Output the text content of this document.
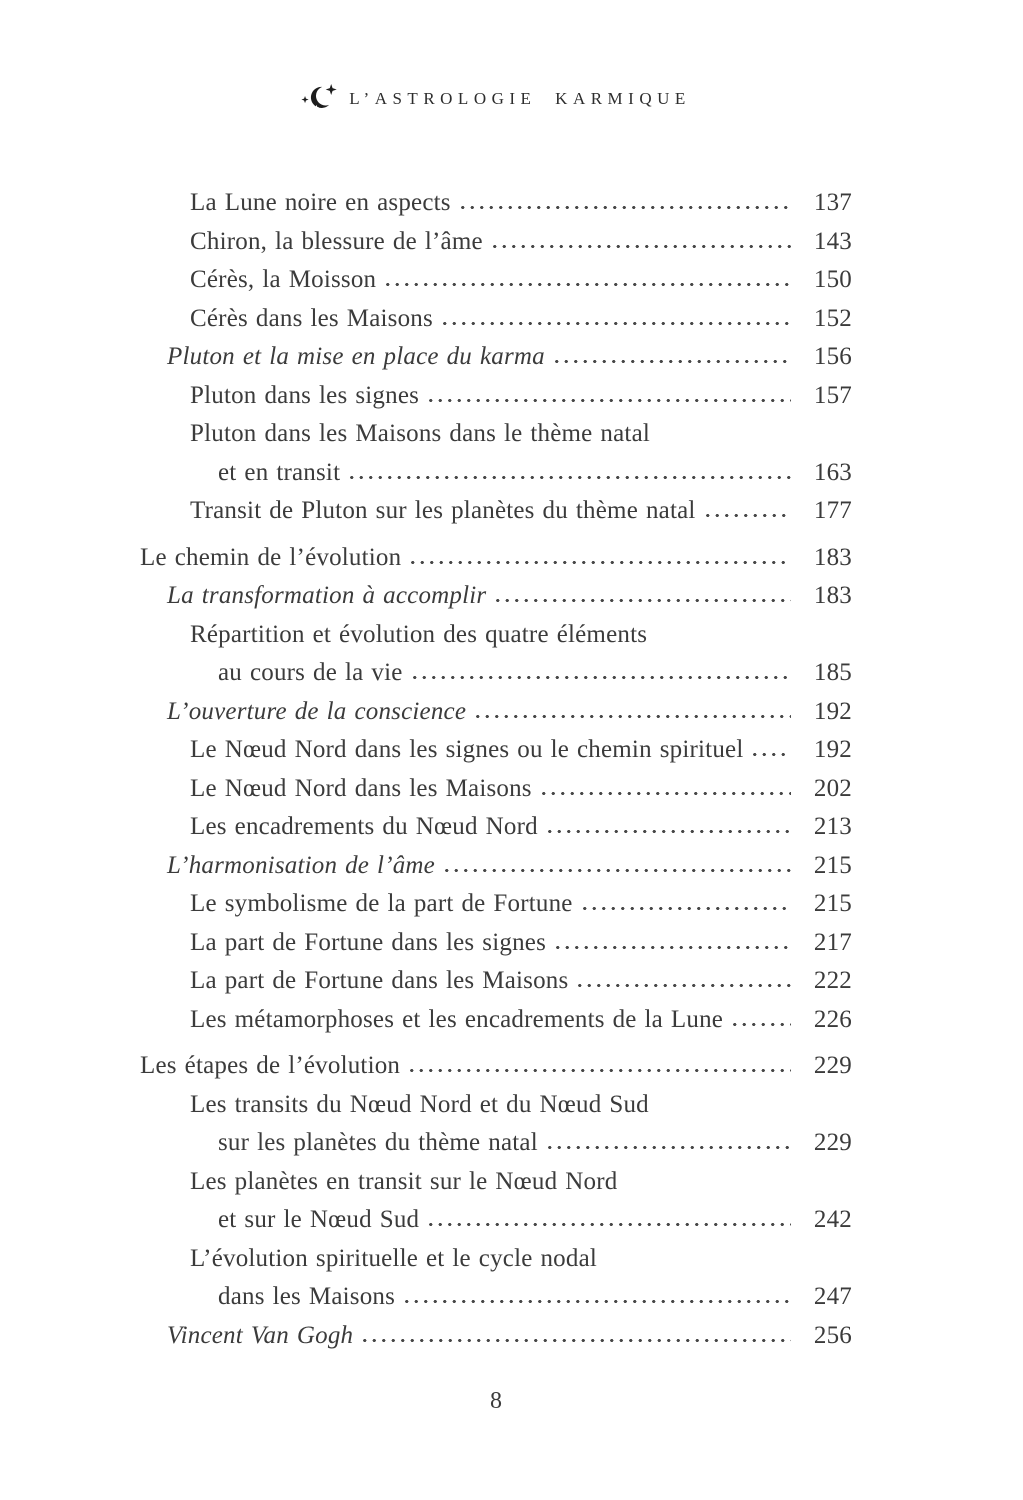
L’ASTROLOGIE KARMIQUE
La Lune noire en aspects	137
Chiron, la blessure de l’âme	143
Cérès, la Moisson	150
Cérès dans les Maisons	152
Pluton et la mise en place du karma	156
Pluton dans les signes	157
Pluton dans les Maisons dans le thème natal
et en transit	163
Transit de Pluton sur les planètes du thème natal	177
Le chemin de l’évolution	183
La transformation à accomplir	183
Répartition et évolution des quatre éléments
au cours de la vie	185
L’ouverture de la conscience	192
Le Nœud Nord dans les signes ou le chemin spirituel	192
Le Nœud Nord dans les Maisons	202
Les encadrements du Nœud Nord	213
L’harmonisation de l’âme	215
Le symbolisme de la part de Fortune	215
La part de Fortune dans les signes	217
La part de Fortune dans les Maisons	222
Les métamorphoses et les encadrements de la Lune	226
Les étapes de l’évolution	229
Les transits du Nœud Nord et du Nœud Sud
sur les planètes du thème natal	229
Les planètes en transit sur le Nœud Nord
et sur le Nœud Sud	242
L’évolution spirituelle et le cycle nodal
dans les Maisons	247
Vincent Van Gogh	256
8
